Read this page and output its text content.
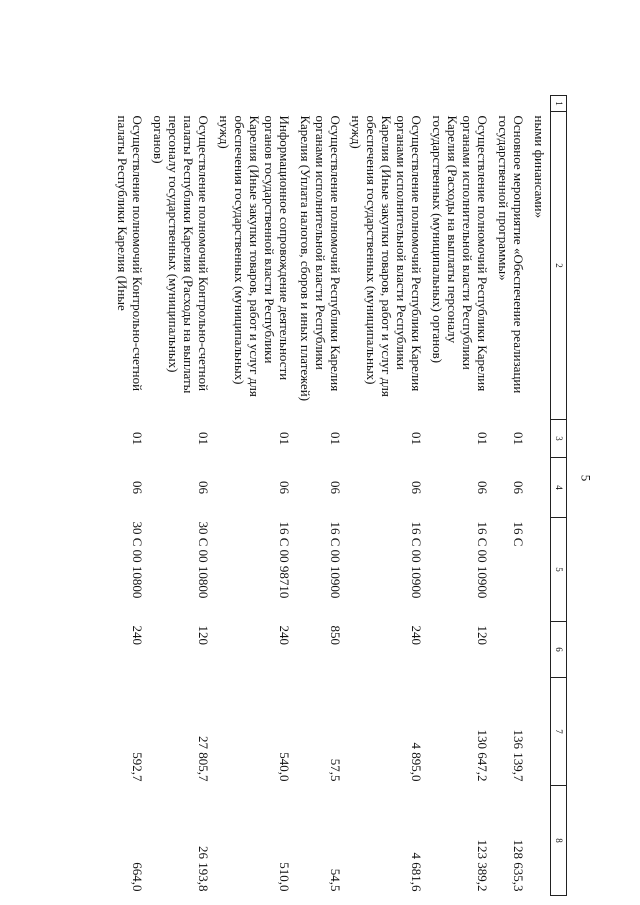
5
1	2	3	4	5	6	7	8
	ными финансами»						
	Основное мероприятие «Обеспечение реализации государственной программы»	01	06	16 С		136 139,7	128 635,3
	Осуществление полномочий Республики Карелия органами исполнительной власти Республики Карелия (Расходы на выплаты персоналу государственных (муниципальных) органов)	01	06	16 С 00 10900	120	130 647,2	123 389,2
	Осуществление полномочий Республики Карелия органами исполнительной власти Республики Карелия (Иные закупки товаров, работ и услуг для обеспечения государственных (муниципальных) нужд)	01	06	16 С 00 10900	240	4 895,0	4 681,6
	Осуществление полномочий Республики Карелия органами исполнительной власти Республики Карелия (Уплата налогов, сборов и иных платежей)	01	06	16 С 00 10900	850	57,5	54,5
	Информационное сопровождение деятельности органов государственной власти Республики Карелия (Иные закупки товаров, работ и услуг для обеспечения государственных (муниципальных) нужд)	01	06	16 С 00 98710	240	540,0	510,0
	Осуществление полномочий Контрольно-счетной палаты Республики Карелия (Расходы на выплаты персоналу государственных (муниципальных) органов)	01	06	30 С 00 10800	120	27 805,7	26 193,8
	Осуществление полномочий Контрольно-счетной палаты Республики Карелия (Иные	01	06	30 С 00 10800	240	592,7	664,0
